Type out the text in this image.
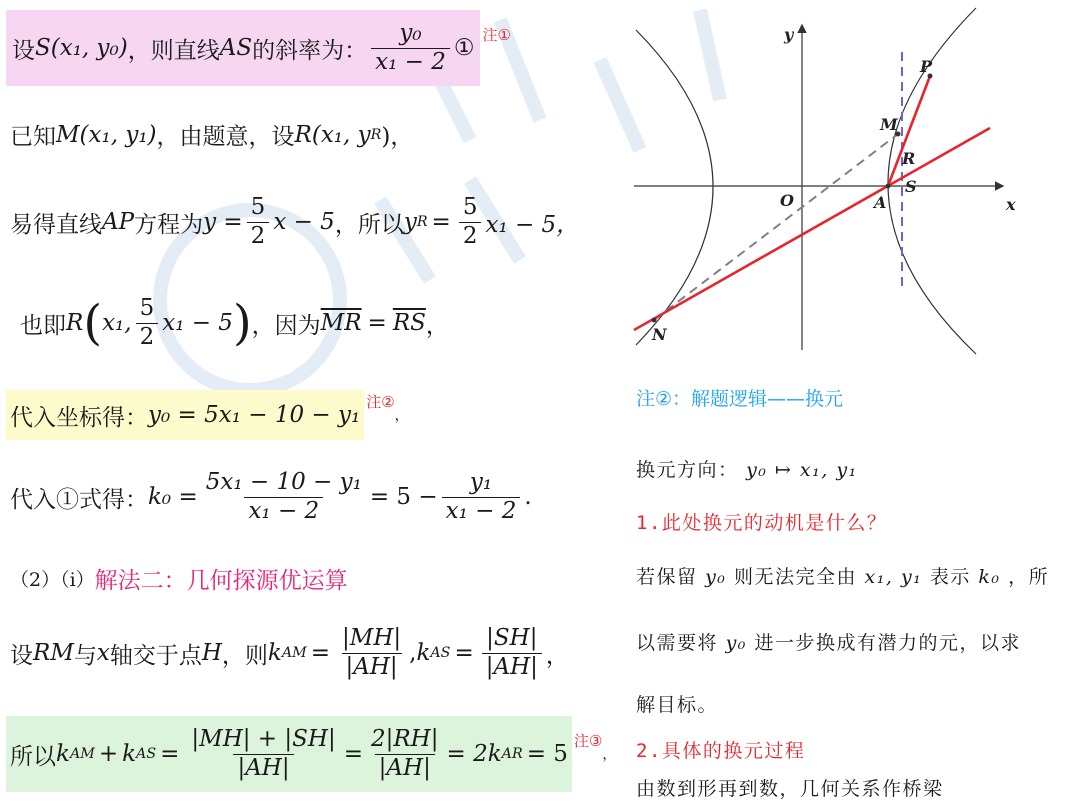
设 S(x₁, y₀) ，则直线 AS 的斜率为： $\frac{\text{y₀}}{\text{x₁ − 2}}$ ①
注①
已知 M(x₁, y₁) ，由题意，设 R(x₁, y R )，
易得直线 AP 方程为 $y = \frac{5}{2}$ x − 5 ，所以 y $R = \frac{5}{2} x_1 - 5$，
也即 R ( x₁, $\frac{5}{2} x_1 - 5$ ) ，因为 $\overline{MR} = \overline{RS}$ ，
代入坐标得： y₀ = 5x₁ − 10 − y₁
注②
，
代入①式得： $k_0 = \frac{\text{5x₁ − 10 − y₁}}{\text{x₁ − 2}} = 5 - \frac{\text{y₁}}{\text{x₁ − 2}}$ .
（2）（i） 解法二：几何探源优运算
设 RM 与 x 轴交于点 H ，则 k AM = $\frac{|MH|}{|AH|}$ , k AS = $\frac{|SH|}{|AH|}$ ，
所以 k AM + k AS = $\frac{|MH| + |SH|}{|AH|} = \frac{2|RH|}{|AH|} = 2k$ AR = 5
注③
，
y
x
O	A
S
R
M
P
N
注②：解题逻辑——换元
换元方向： y₀ ↦ x₁, y₁
1.此处换元的动机是什么？
若保留 y₀ 则无法完全由 x₁, y₁ 表示 k₀ ，所
以需要将 y₀ 进一步换成有潜力的元，以求
解目标。
2.具体的换元过程
由数到形再到数，几何关系作桥梁
